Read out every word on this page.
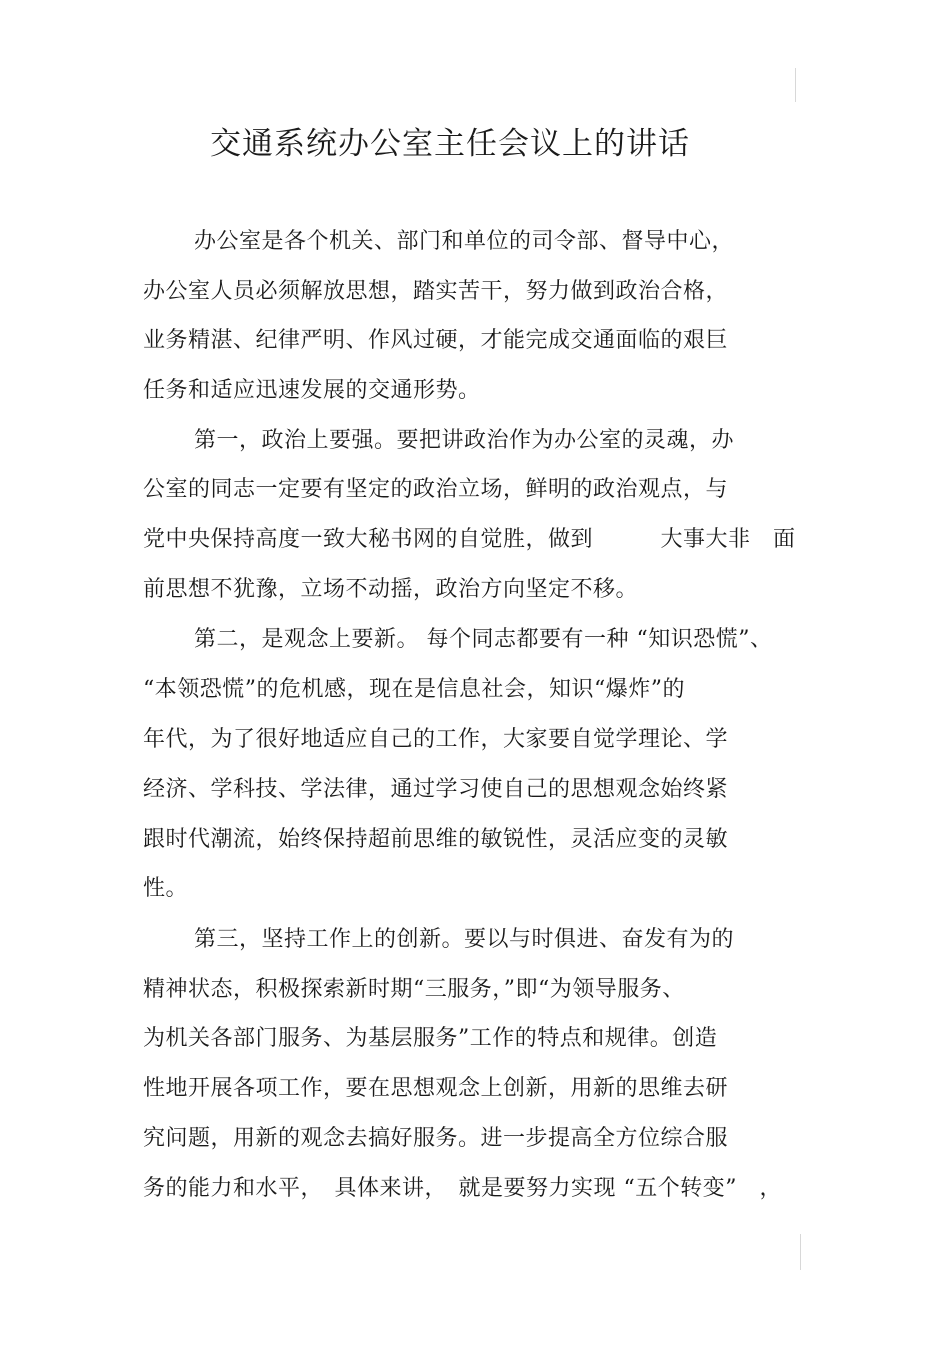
交通系统办公室主任会议上的讲话
办公室是各个机关、部门和单位的司令部、督导中心，
办公室人员必须解放思想，踏实苦干，努力做到政治合格，
业务精湛、纪律严明、作风过硬，才能完成交通面临的艰巨
任务和适应迅速发展的交通形势。
第一，政治上要强。要把讲政治作为办公室的灵魂，办
公室的同志一定要有坚定的政治立场，鲜明的政治观点，与
党中央保持高度一致大秘书网的自觉胜，做到　　　大事大非　面
前思想不犹豫，立场不动摇，政治方向坚定不移。
第二，是观念上要新。 每个同志都要有一种 “知识恐慌”、
“本领恐慌”的危机感，现在是信息社会，知识“爆炸”的
年代，为了很好地适应自己的工作，大家要自觉学理论、学
经济、学科技、学法律，通过学习使自己的思想观念始终紧
跟时代潮流，始终保持超前思维的敏锐性，灵活应变的灵敏
性。
第三，坚持工作上的创新。要以与时俱进、奋发有为的
精神状态，积极探索新时期“三服务，”即“为领导服务、
为机关各部门服务、为基层服务”工作的特点和规律。创造
性地开展各项工作，要在思想观念上创新，用新的思维去研
究问题，用新的观念去搞好服务。进一步提高全方位综合服
务的能力和水平，　具体来讲，　就是要努力实现 “五个转变”　，
